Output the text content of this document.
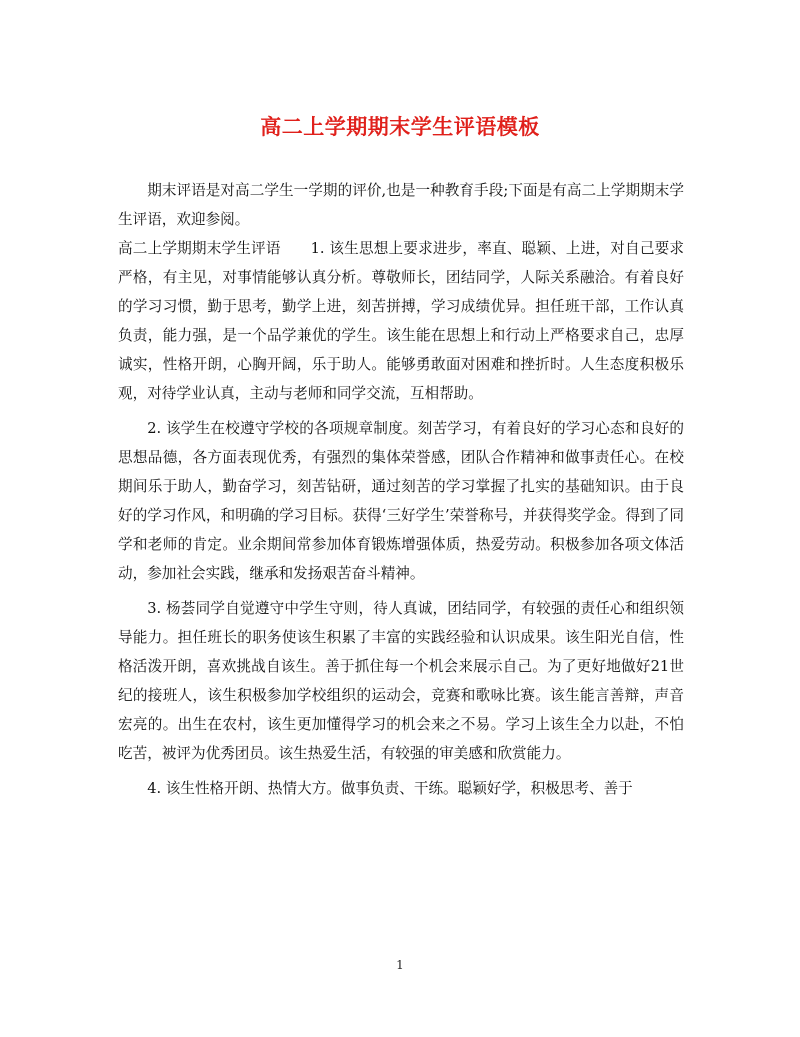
高二上学期期末学生评语模板

期末评语是对高二学生一学期的评价,也是一种教育手段;下面是有高二上学期期末学生评语，欢迎参阅。

高二上学期期末学生评语 1. 该生思想上要求进步，率直、聪颖、上进，对自己要求严格，有主见，对事情能够认真分析。尊敬师长，团结同学，人际关系融洽。有着良好的学习习惯，勤于思考，勤学上进，刻苦拼搏，学习成绩优异。担任班干部，工作认真负责，能力强，是一个品学兼优的学生。该生能在思想上和行动上严格要求自己，忠厚诚实，性格开朗，心胸开阔，乐于助人。能够勇敢面对困难和挫折时。人生态度积极乐观，对待学业认真，主动与老师和同学交流，互相帮助。

2. 该学生在校遵守学校的各项规章制度。刻苦学习，有着良好的学习心态和良好的思想品德，各方面表现优秀，有强烈的集体荣誉感，团队合作精神和做事责任心。在校期间乐于助人，勤奋学习，刻苦钻研，通过刻苦的学习掌握了扎实的基础知识。由于良好的学习作风，和明确的学习目标。获得‘三好学生’荣誉称号，并获得奖学金。得到了同学和老师的肯定。业余期间常参加体育锻炼增强体质，热爱劳动。积极参加各项文体活动，参加社会实践，继承和发扬艰苦奋斗精神。

3. 杨荟同学自觉遵守中学生守则，待人真诚，团结同学，有较强的责任心和组织领导能力。担任班长的职务使该生积累了丰富的实践经验和认识成果。该生阳光自信，性格活泼开朗，喜欢挑战自该生。善于抓住每一个机会来展示自己。为了更好地做好21世纪的接班人，该生积极参加学校组织的运动会，竞赛和歌咏比赛。该生能言善辩，声音宏亮的。出生在农村，该生更加懂得学习的机会来之不易。学习上该生全力以赴，不怕吃苦，被评为优秀团员。该生热爱生活，有较强的审美感和欣赏能力。

4. 该生性格开朗、热情大方。做事负责、干练。聪颖好学，积极思考、善于

1
